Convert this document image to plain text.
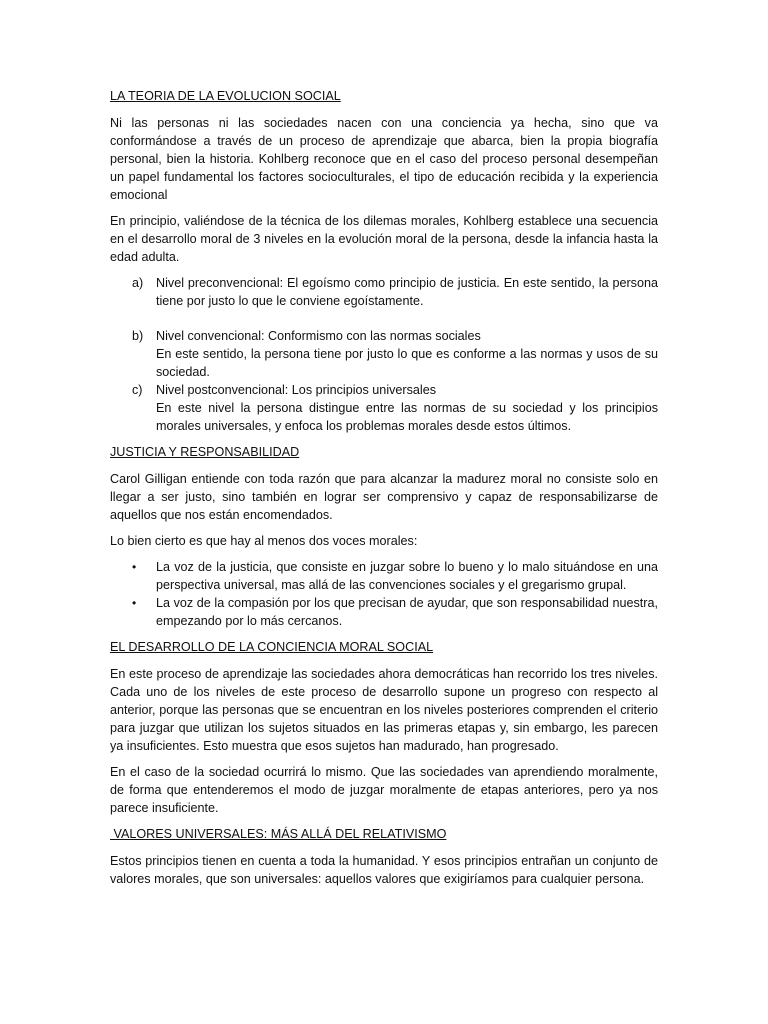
LA TEORIA DE LA EVOLUCION SOCIAL

Ni las personas ni las sociedades nacen con una conciencia ya hecha, sino que va conformándose a través de un proceso de aprendizaje que abarca, bien la propia biografía personal, bien la historia. Kohlberg reconoce que en el caso del proceso personal desempeñan un papel fundamental los factores socioculturales, el tipo de educación recibida y la experiencia emocional

En principio, valiéndose de la técnica de los dilemas morales, Kohlberg establece una secuencia en el desarrollo moral de 3 niveles en la evolución moral de la persona, desde la infancia hasta la edad adulta.

a)	Nivel preconvencional: El egoísmo como principio de justicia. En este sentido, la persona tiene por justo lo que le conviene egoístamente.
b)	Nivel convencional: Conformismo con las normas sociales
En este sentido, la persona tiene por justo lo que es conforme a las normas y usos de su sociedad.
c)	Nivel postconvencional: Los principios universales
En este nivel la persona distingue entre las normas de su sociedad y los principios morales universales, y enfoca los problemas morales desde estos últimos.

JUSTICIA Y RESPONSABILIDAD

Carol Gilligan entiende con toda razón que para alcanzar la madurez moral no consiste solo en llegar a ser justo, sino también en lograr ser comprensivo y capaz de responsabilizarse de aquellos que nos están encomendados.

Lo bien cierto es que hay al menos dos voces morales:

•	La voz de la justicia, que consiste en juzgar sobre lo bueno y lo malo situándose en una perspectiva universal, mas allá de las convenciones sociales y el gregarismo grupal.
•	La voz de la compasión por los que precisan de ayudar, que son responsabilidad nuestra, empezando por lo más cercanos.

EL DESARROLLO DE LA CONCIENCIA MORAL SOCIAL

En este proceso de aprendizaje las sociedades ahora democráticas han recorrido los tres niveles. Cada uno de los niveles de este proceso de desarrollo supone un progreso con respecto al anterior, porque las personas que se encuentran en los niveles posteriores comprenden el criterio para juzgar que utilizan los sujetos situados en las primeras etapas y, sin embargo, les parecen ya insuficientes. Esto muestra que esos sujetos han madurado, han progresado.

En el caso de la sociedad ocurrirá lo mismo. Que las sociedades van aprendiendo moralmente, de forma que entenderemos el modo de juzgar moralmente de etapas anteriores, pero ya nos parece insuficiente.

VALORES UNIVERSALES: MÁS ALLÁ DEL RELATIVISMO

Estos principios tienen en cuenta a toda la humanidad. Y esos principios entrañan un conjunto de valores morales, que son universales: aquellos valores que exigiríamos para cualquier persona.
